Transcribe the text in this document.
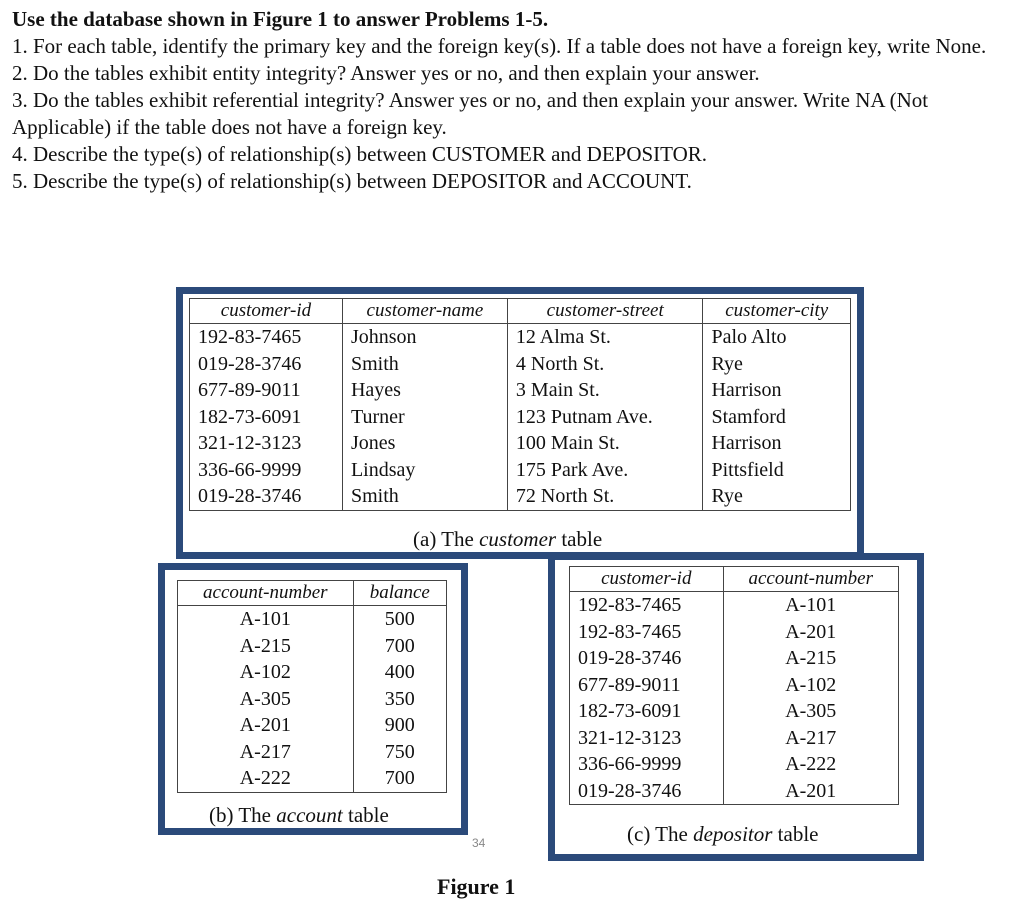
Use the database shown in Figure 1 to answer Problems 1-5.

1. For each table, identify the primary key and the foreign key(s). If a table does not have a foreign key, write None.

2. Do the tables exhibit entity integrity? Answer yes or no, and then explain your answer.

3. Do the tables exhibit referential integrity? Answer yes or no, and then explain your answer. Write NA (Not Applicable) if the table does not have a foreign key.

4. Describe the type(s) of relationship(s) between CUSTOMER and DEPOSITOR.

5. Describe the type(s) of relationship(s) between DEPOSITOR and ACCOUNT.

customer-id	customer-name	customer-street	customer-city
192-83-7465	Johnson	12 Alma St.	Palo Alto
019-28-3746	Smith	4 North St.	Rye
677-89-9011	Hayes	3 Main St.	Harrison
182-73-6091	Turner	123 Putnam Ave.	Stamford
321-12-3123	Jones	100 Main St.	Harrison
336-66-9999	Lindsay	175 Park Ave.	Pittsfield
019-28-3746	Smith	72 North St.	Rye
(a) The customer table
account-number	balance
A-101	500
A-215	700
A-102	400
A-305	350
A-201	900
A-217	750
A-222	700
(b) The account table
customer-id	account-number
192-83-7465	A-101
192-83-7465	A-201
019-28-3746	A-215
677-89-9011	A-102
182-73-6091	A-305
321-12-3123	A-217
336-66-9999	A-222
019-28-3746	A-201
(c) The depositor table
34
Figure 1
